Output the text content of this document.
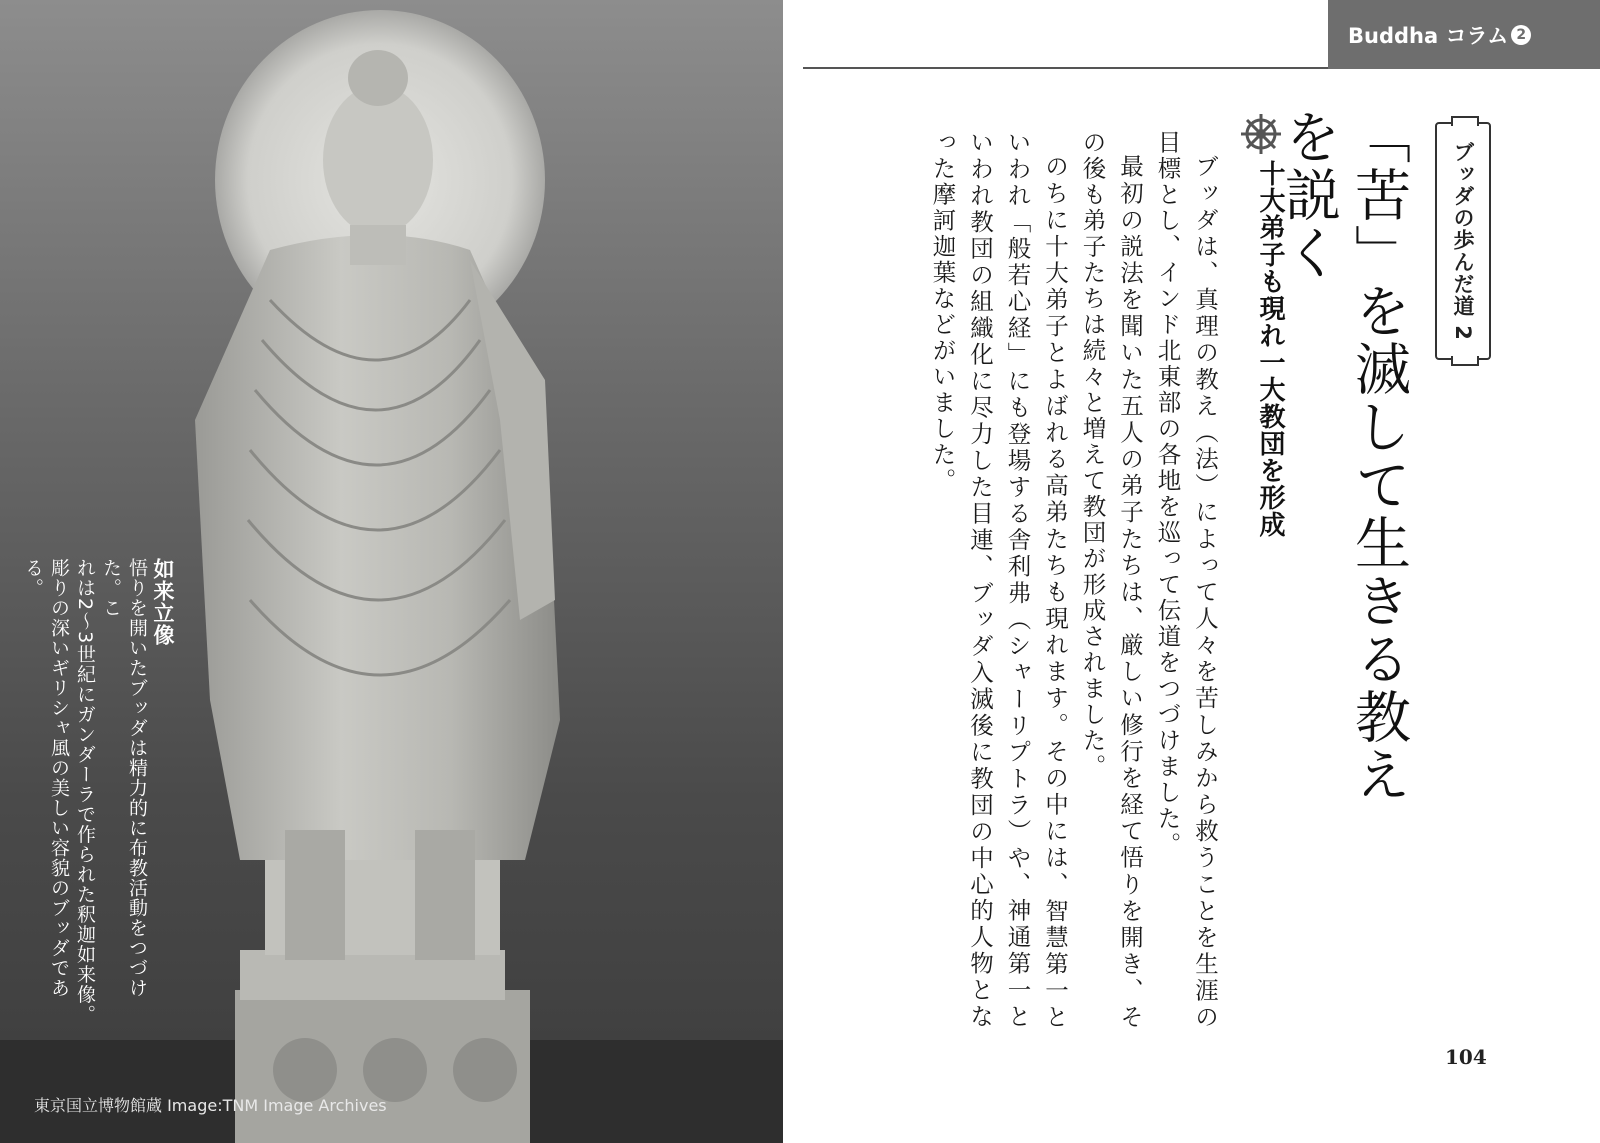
如来立像
悟りを開いたブッダは精力的に布教活動をつづけた。こ
れは2～3世紀にガンダーラで作られた釈迦如来像。
彫りの深いギリシャ風の美しい容貌のブッダである。
東京国立博物館蔵 Image:TNM Image Archives
Buddha コラム 2
ブッダの歩んだ道 2
「苦」を滅して生きる教えを説く
十大弟子も現れ一大教団を形成

ブッダは、真理の教え（法）によって人々を苦しみから救うことを生涯の目標とし、インド北東部の各地を巡って伝道をつづけました。

最初の説法を聞いた五人の弟子たちは、厳しい修行を経て悟りを開き、その後も弟子たちは続々と増えて教団が形成されました。

のちに十大弟子とよばれる高弟たちも現れます。その中には、智慧第一といわれ「般若心経」にも登場する舎利弗（シャーリプトラ）や、神通第一といわれ教団の組織化に尽力した目連、ブッダ入滅後に教団の中心的人物となった摩訶迦葉などがいました。

104
